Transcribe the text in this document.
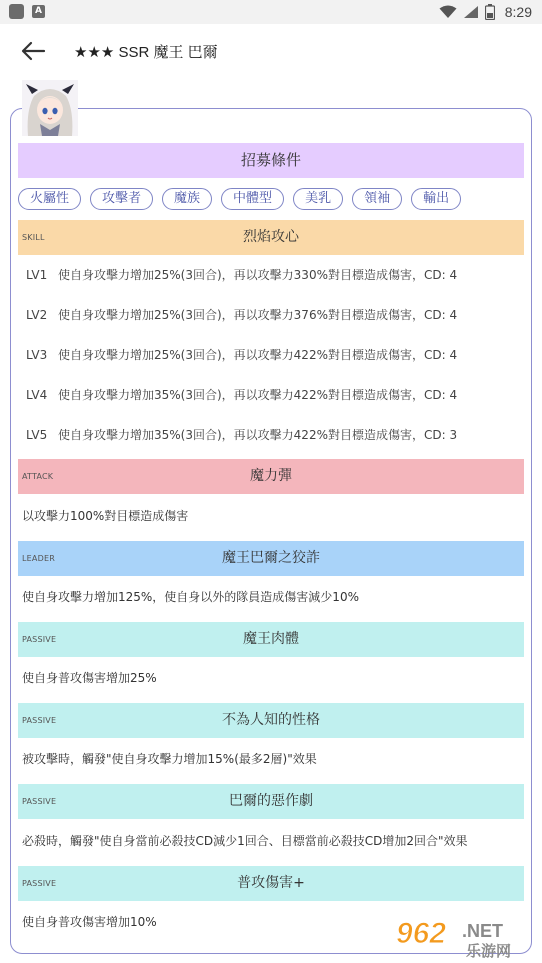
A	8:29
★★★ SSR 魔王 巴爾
招募條件
火屬性	攻擊者	魔族	中體型	美乳	領袖	輸出
烈焰攻心
SKILL
LV1 使自身攻擊力增加25%(3回合)，再以攻擊力330%對目標造成傷害，CD: 4
LV2 使自身攻擊力增加25%(3回合)，再以攻擊力376%對目標造成傷害，CD: 4
LV3 使自身攻擊力增加25%(3回合)，再以攻擊力422%對目標造成傷害，CD: 4
LV4 使自身攻擊力增加35%(3回合)，再以攻擊力422%對目標造成傷害，CD: 4
LV5 使自身攻擊力增加35%(3回合)，再以攻擊力422%對目標造成傷害，CD: 3
魔力彈
ATTACK
以攻擊力100%對目標造成傷害
魔王巴爾之狡詐
LEADER
使自身攻擊力增加125%，使自身以外的隊員造成傷害減少10%
魔王肉體
PASSIVE
使自身普攻傷害增加25%
不為人知的性格
PASSIVE
被攻擊時，觸發"使自身攻擊力增加15%(最多2層)"效果
巴爾的惡作劇
PASSIVE
必殺時，觸發"使自身當前必殺技CD減少1回合、目標當前必殺技CD增加2回合"效果
普攻傷害+
PASSIVE
使自身普攻傷害增加10%	962 .NET
乐游网
